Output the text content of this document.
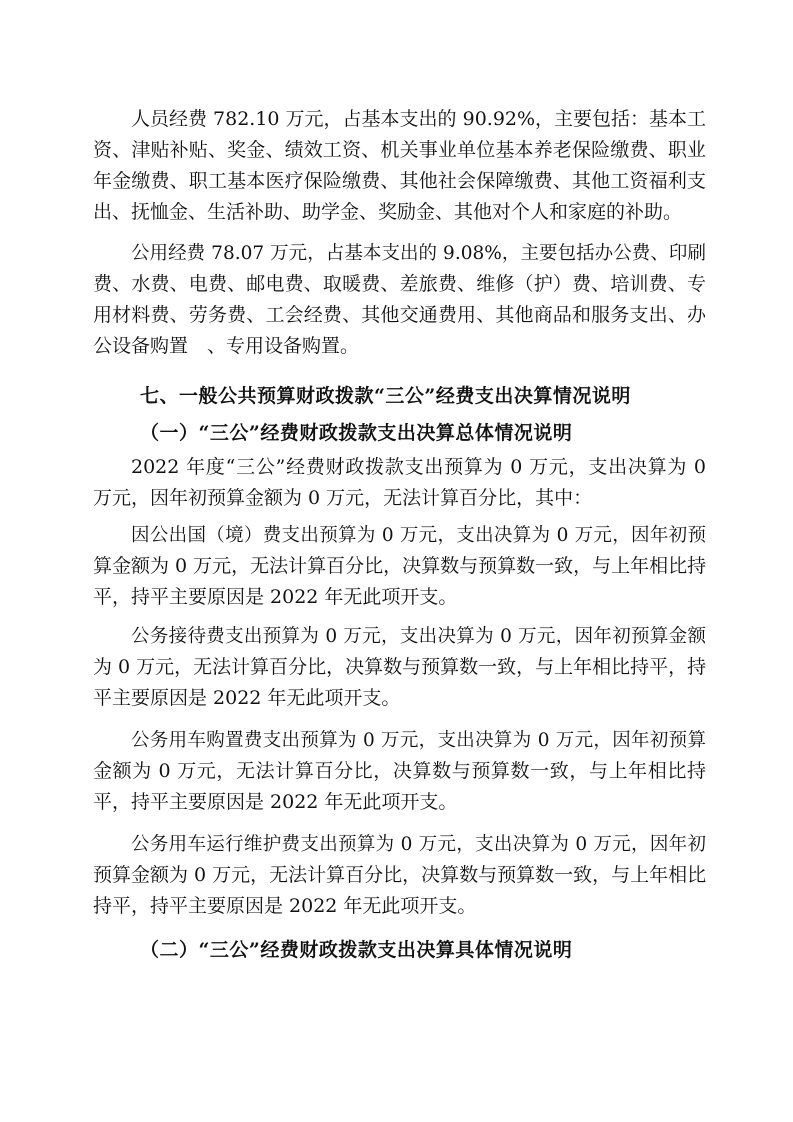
人员经费 782.10 万元，占基本支出的 90.92%，主要包括：基本工
资、津贴补贴、奖金、绩效工资、机关事业单位基本养老保险缴费、职业
年金缴费、职工基本医疗保险缴费、其他社会保障缴费、其他工资福利支
出、抚恤金、生活补助、助学金、奖励金、其他对个人和家庭的补助。
公用经费 78.07 万元，占基本支出的 9.08%，主要包括办公费、印刷
费、水费、电费、邮电费、取暖费、差旅费、维修（护）费、培训费、专
用材料费、劳务费、工会经费、其他交通费用、其他商品和服务支出、办
公设备购置　、专用设备购置。
七、一般公共预算财政拨款“三公”经费支出决算情况说明
（一）“三公”经费财政拨款支出决算总体情况说明
2022 年度“三公”经费财政拨款支出预算为 0 万元，支出决算为 0
万元，因年初预算金额为 0 万元，无法计算百分比，其中：
因公出国（境）费支出预算为 0 万元，支出决算为 0 万元，因年初预
算金额为 0 万元，无法计算百分比，决算数与预算数一致，与上年相比持
平，持平主要原因是 2022 年无此项开支。
公务接待费支出预算为 0 万元，支出决算为 0 万元，因年初预算金额
为 0 万元，无法计算百分比，决算数与预算数一致，与上年相比持平，持
平主要原因是 2022 年无此项开支。
公务用车购置费支出预算为 0 万元，支出决算为 0 万元，因年初预算
金额为 0 万元，无法计算百分比，决算数与预算数一致，与上年相比持
平，持平主要原因是 2022 年无此项开支。
公务用车运行维护费支出预算为 0 万元，支出决算为 0 万元，因年初
预算金额为 0 万元，无法计算百分比，决算数与预算数一致，与上年相比
持平，持平主要原因是 2022 年无此项开支。
（二）“三公”经费财政拨款支出决算具体情况说明
